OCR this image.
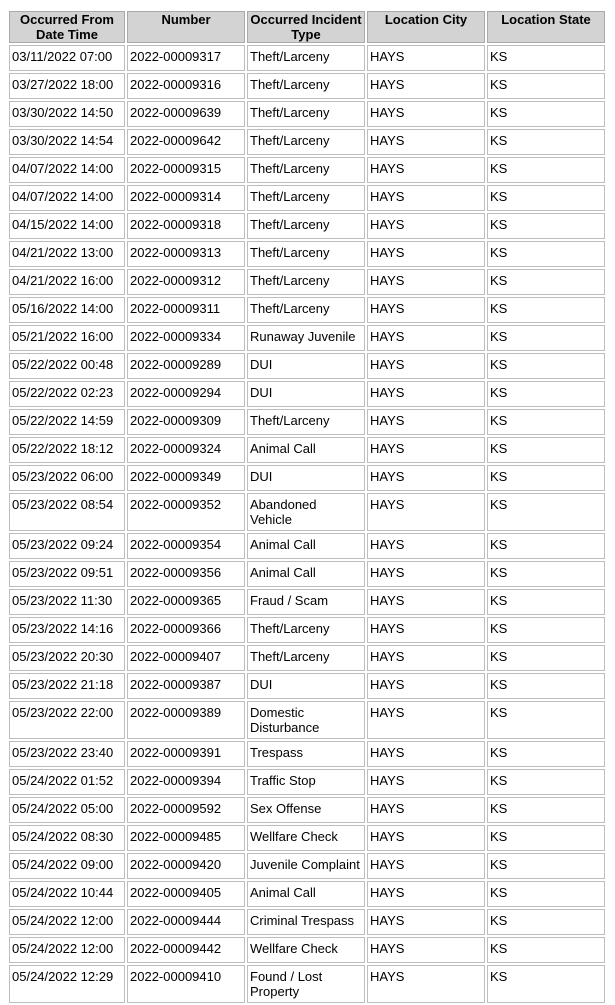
Occurred From Date Time	Number	Occurred Incident Type	Location City	Location State
03/11/2022 07:00	2022-00009317	Theft/Larceny	HAYS	KS
03/27/2022 18:00	2022-00009316	Theft/Larceny	HAYS	KS
03/30/2022 14:50	2022-00009639	Theft/Larceny	HAYS	KS
03/30/2022 14:54	2022-00009642	Theft/Larceny	HAYS	KS
04/07/2022 14:00	2022-00009315	Theft/Larceny	HAYS	KS
04/07/2022 14:00	2022-00009314	Theft/Larceny	HAYS	KS
04/15/2022 14:00	2022-00009318	Theft/Larceny	HAYS	KS
04/21/2022 13:00	2022-00009313	Theft/Larceny	HAYS	KS
04/21/2022 16:00	2022-00009312	Theft/Larceny	HAYS	KS
05/16/2022 14:00	2022-00009311	Theft/Larceny	HAYS	KS
05/21/2022 16:00	2022-00009334	Runaway Juvenile	HAYS	KS
05/22/2022 00:48	2022-00009289	DUI	HAYS	KS
05/22/2022 02:23	2022-00009294	DUI	HAYS	KS
05/22/2022 14:59	2022-00009309	Theft/Larceny	HAYS	KS
05/22/2022 18:12	2022-00009324	Animal Call	HAYS	KS
05/23/2022 06:00	2022-00009349	DUI	HAYS	KS
05/23/2022 08:54	2022-00009352	Abandoned Vehicle	HAYS	KS
05/23/2022 09:24	2022-00009354	Animal Call	HAYS	KS
05/23/2022 09:51	2022-00009356	Animal Call	HAYS	KS
05/23/2022 11:30	2022-00009365	Fraud / Scam	HAYS	KS
05/23/2022 14:16	2022-00009366	Theft/Larceny	HAYS	KS
05/23/2022 20:30	2022-00009407	Theft/Larceny	HAYS	KS
05/23/2022 21:18	2022-00009387	DUI	HAYS	KS
05/23/2022 22:00	2022-00009389	Domestic Disturbance	HAYS	KS
05/23/2022 23:40	2022-00009391	Trespass	HAYS	KS
05/24/2022 01:52	2022-00009394	Traffic Stop	HAYS	KS
05/24/2022 05:00	2022-00009592	Sex Offense	HAYS	KS
05/24/2022 08:30	2022-00009485	Wellfare Check	HAYS	KS
05/24/2022 09:00	2022-00009420	Juvenile Complaint	HAYS	KS
05/24/2022 10:44	2022-00009405	Animal Call	HAYS	KS
05/24/2022 12:00	2022-00009444	Criminal Trespass	HAYS	KS
05/24/2022 12:00	2022-00009442	Wellfare Check	HAYS	KS
05/24/2022 12:29	2022-00009410	Found / Lost Property	HAYS	KS
